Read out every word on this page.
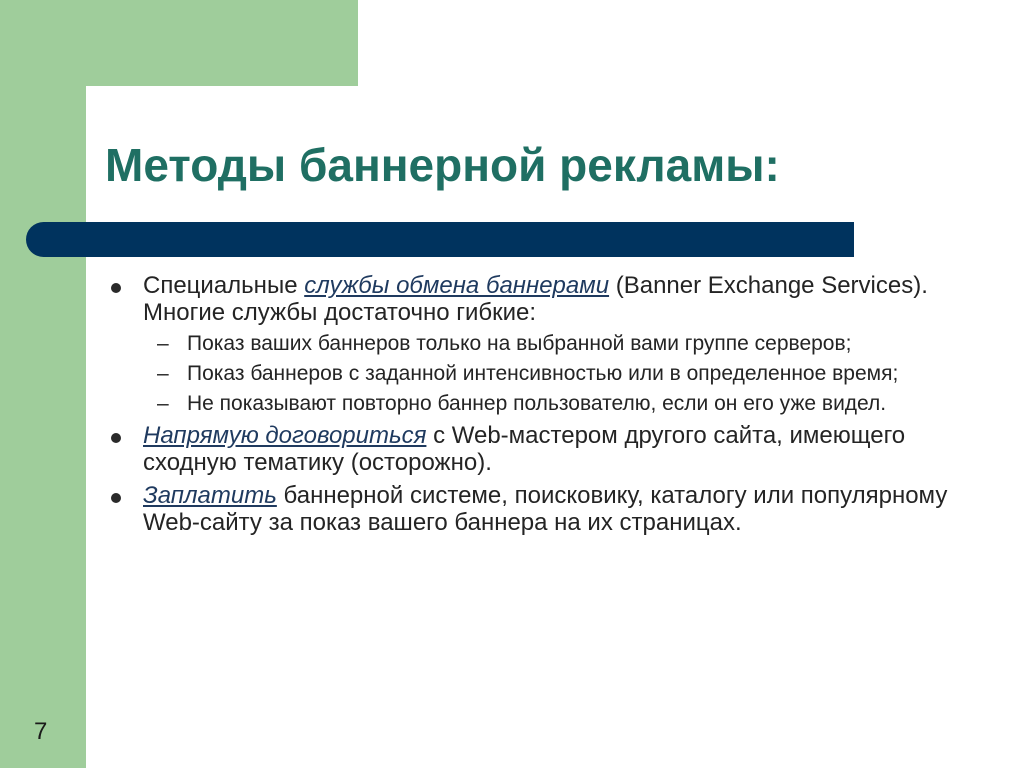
Методы баннерной рекламы:
Специальные службы обмена баннерами (Banner Exchange Services). Многие службы достаточно гибкие:
– Показ ваших баннеров только на выбранной вами группе серверов;
– Показ баннеров с заданной интенсивностью или в определенное время;
– Не показывают повторно баннер пользователю, если он его уже видел.
Напрямую договориться с Web-мастером другого сайта, имеющего сходную тематику (осторожно).
Заплатить баннерной системе, поисковику, каталогу или популярному Web-сайту за показ вашего баннера на их страницах.
7
